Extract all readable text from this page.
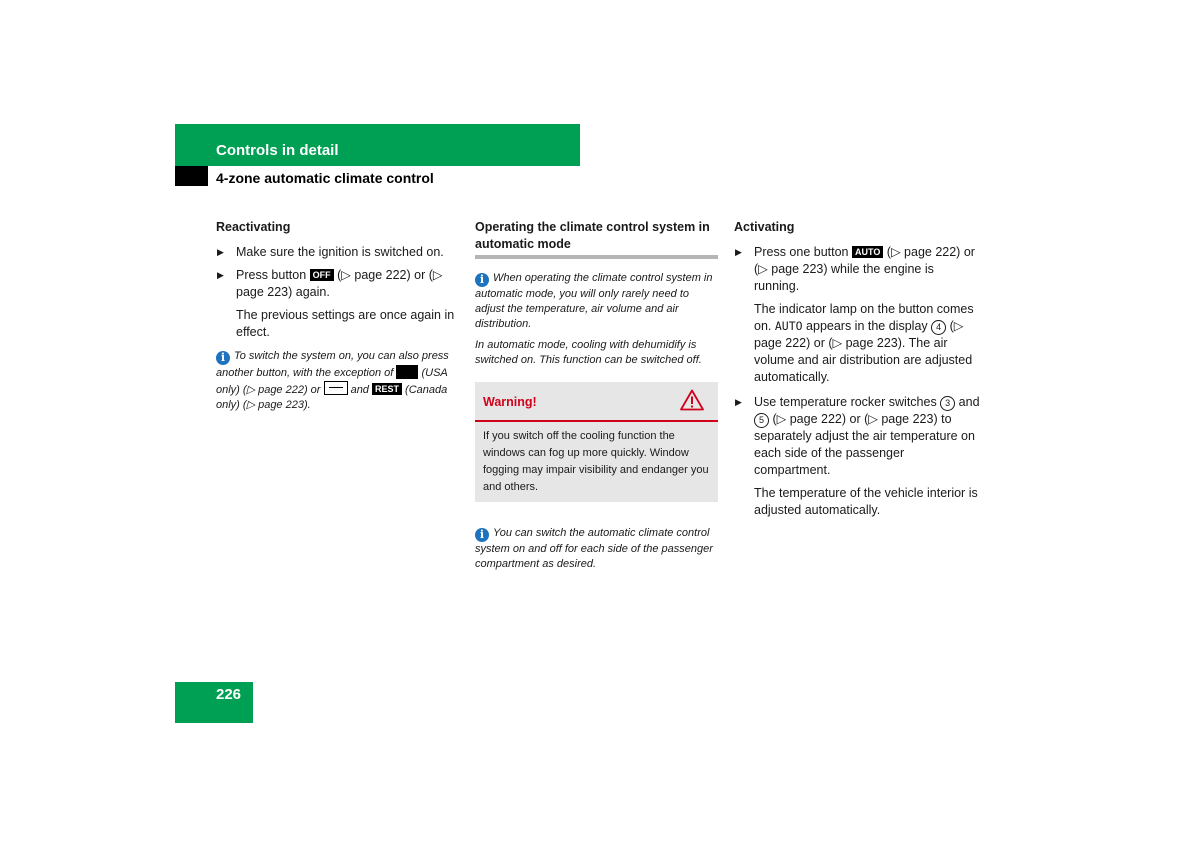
Controls in detail
4-zone automatic climate control
Reactivating
▶ Make sure the ignition is switched on.
▶ Press button OFF (▷ page 222) or (▷ page 223) again.
The previous settings are once again in effect.
i To switch the system on, you can also press another button, with the exception of  (USA only) (▷ page 222) or  and REST (Canada only) (▷ page 223).
Operating the climate control system in automatic mode
i When operating the climate control system in automatic mode, you will only rarely need to adjust the temperature, air volume and air distribution.
In automatic mode, cooling with dehumidify is switched on. This function can be switched off.
Warning!
If you switch off the cooling function the windows can fog up more quickly. Window fogging may impair visibility and endanger you and others.
i You can switch the automatic climate control system on and off for each side of the passenger compartment as desired.
Activating
▶ Press one button AUTO (▷ page 222) or (▷ page 223) while the engine is running.
The indicator lamp on the button comes on. AUTO appears in the display 4 (▷ page 222) or (▷ page 223). The air volume and air distribution are adjusted automatically.
▶ Use temperature rocker switches 3 and 5 (▷ page 222) or (▷ page 223) to separately adjust the air temperature on each side of the passenger compartment.
The temperature of the vehicle interior is adjusted automatically.
226
